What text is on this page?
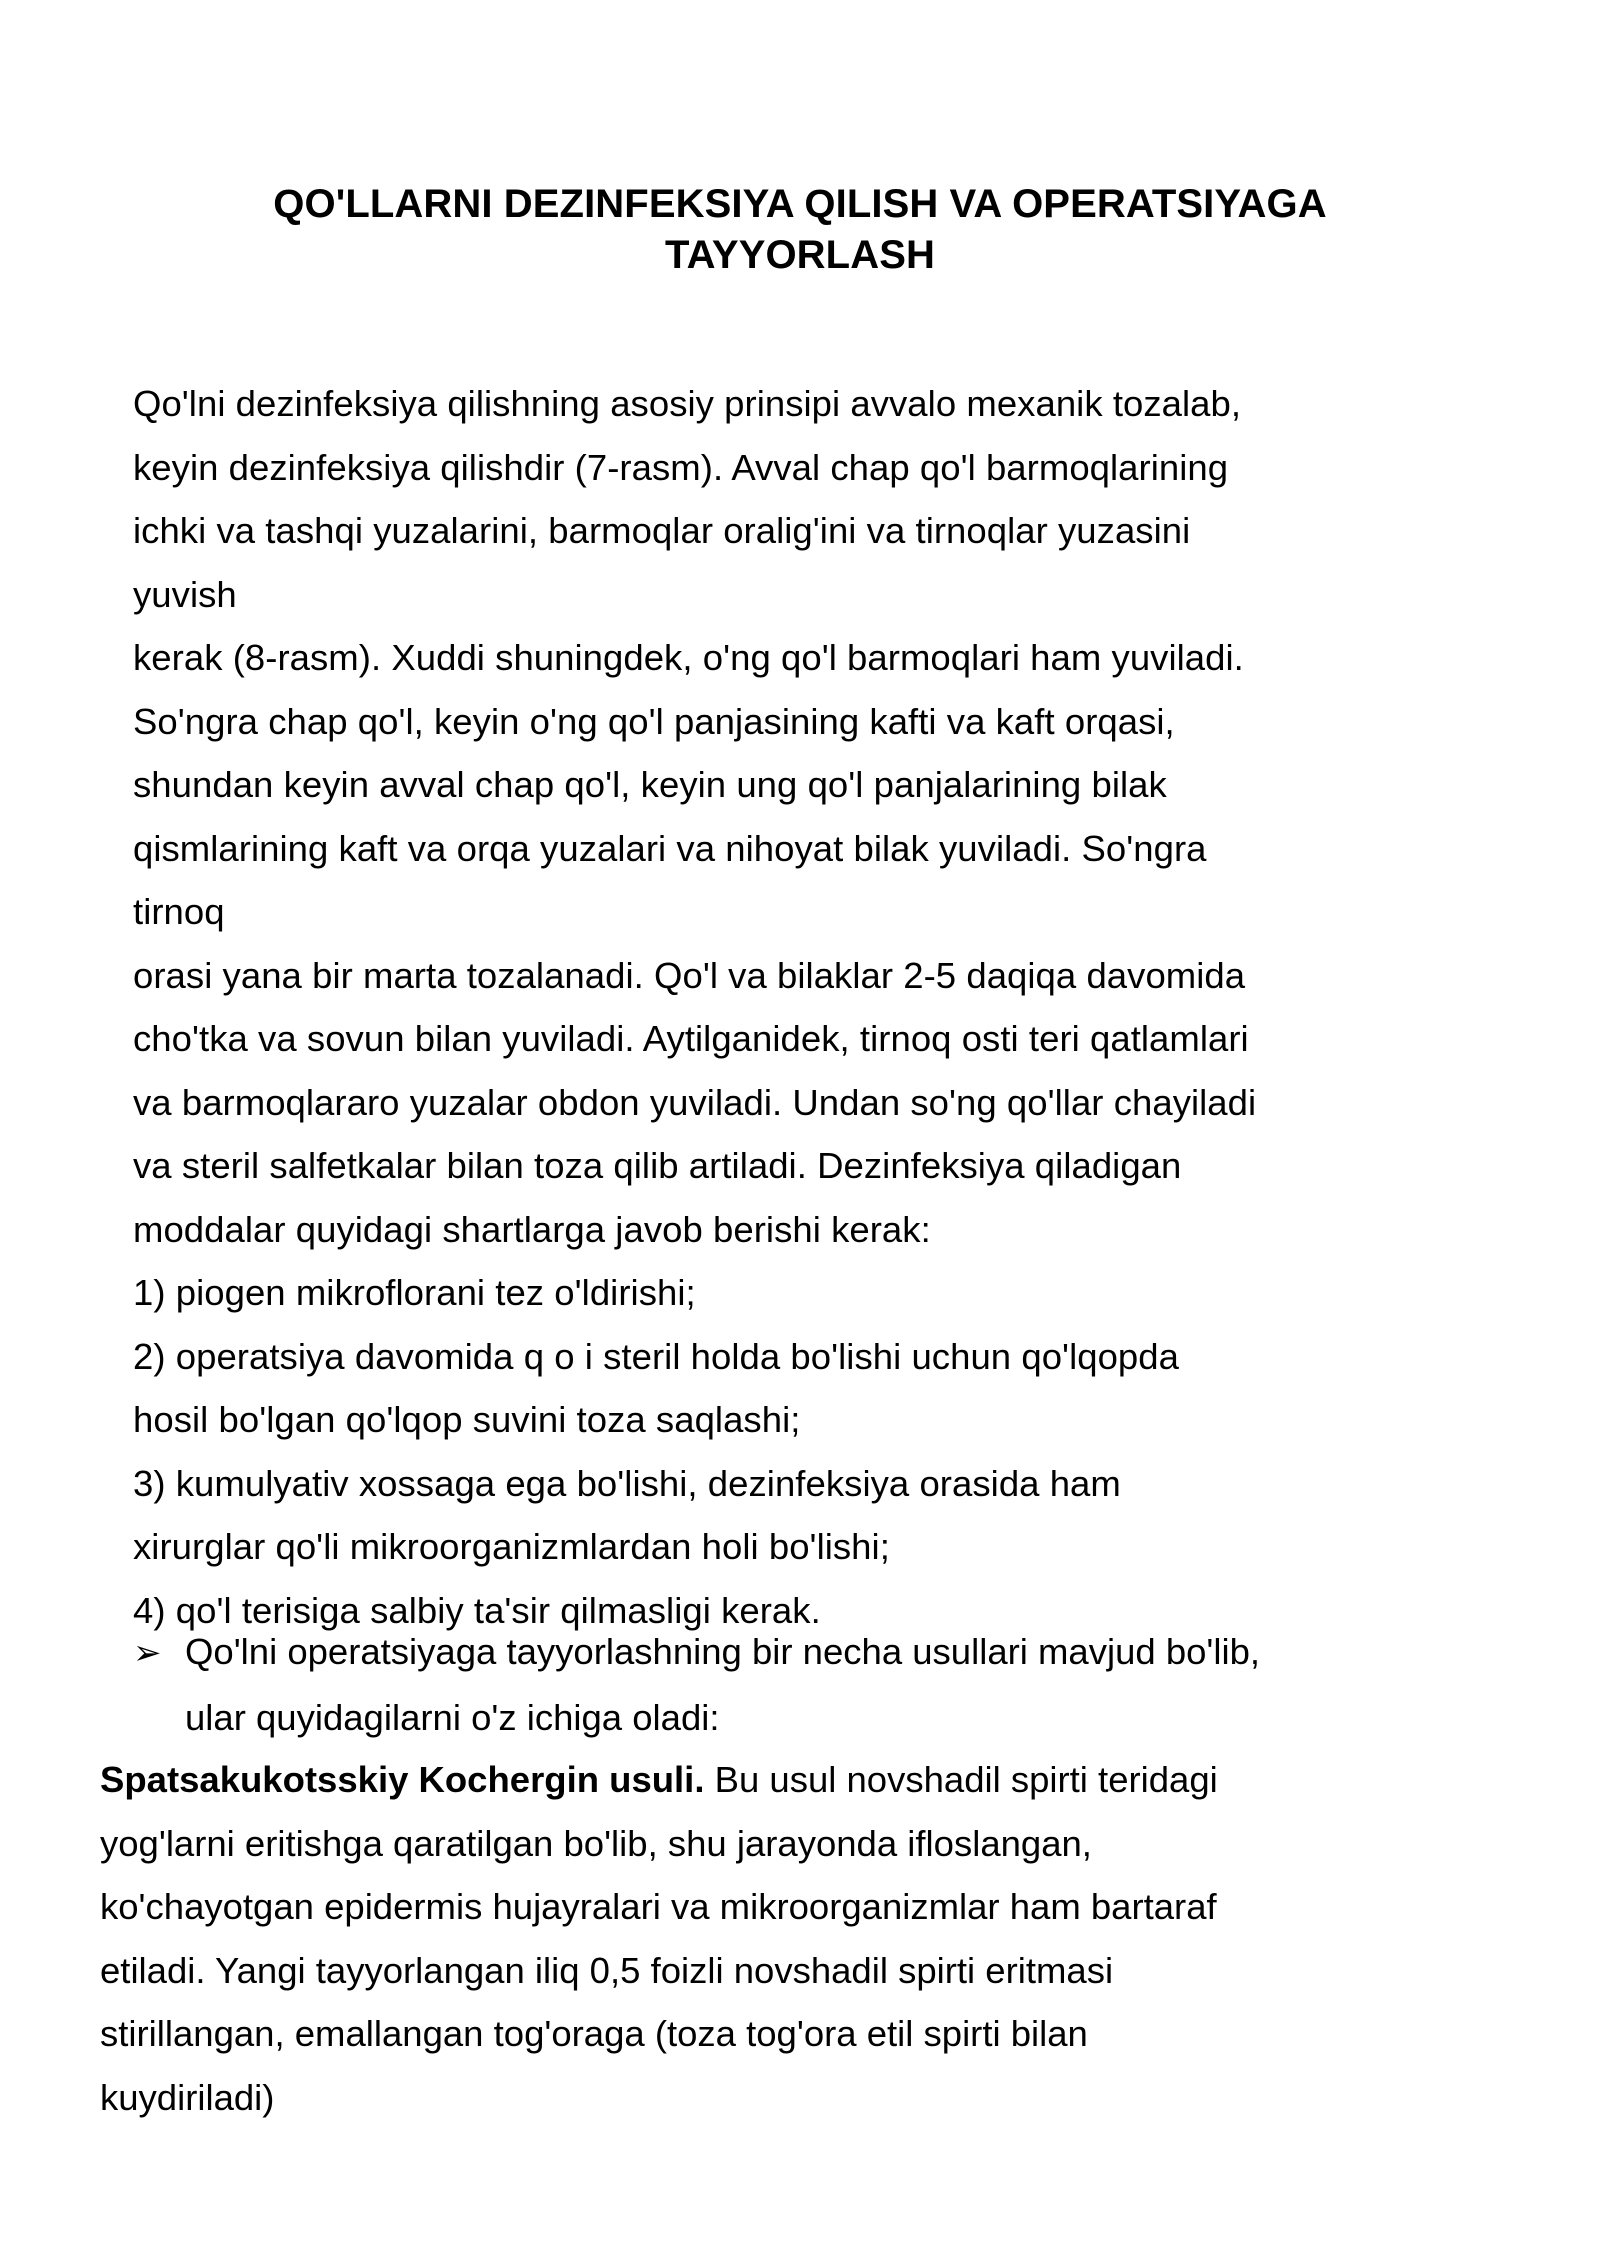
QO'LLARNI DEZINFEKSIYA QILISH VA OPERATSIYAGA
TAYYORLASH
Qo'lni dezinfeksiya qilishning asosiy prinsipi avvalo mexanik tozalab,
keyin dezinfeksiya qilishdir (7-rasm). Avval chap qo'l barmoqlarining
ichki va tashqi yuzalarini, barmoqlar oralig'ini va tirnoqlar yuzasini
yuvish
kerak (8-rasm). Xuddi shuningdek, o'ng qo'l barmoqlari ham yuviladi.
So'ngra chap qo'l, keyin o'ng qo'l panjasining kafti va kaft orqasi,
shundan keyin avval chap qo'l, keyin ung qo'l panjalarining bilak
qismlarining kaft va orqa yuzalari va nihoyat bilak yuviladi. So'ngra
tirnoq
orasi yana bir marta tozalanadi. Qo'l va bilaklar 2-5 daqiqa davomida
cho'tka va sovun bilan yuviladi. Aytilganidek, tirnoq osti teri qatlamlari
va barmoqlararo yuzalar obdon yuviladi. Undan so'ng qo'llar chayiladi
va steril salfetkalar bilan toza qilib artiladi. Dezinfeksiya qiladigan
moddalar quyidagi shartlarga javob berishi kerak:
1) piogen mikroflorani tez o'ldirishi;
2) operatsiya davomida q o i steril holda bo'lishi uchun qo'lqopda
hosil bo'lgan qo'lqop suvini toza saqlashi;
3) kumulyativ xossaga ega bo'lishi, dezinfeksiya orasida ham
xirurglar qo'li mikroorganizmlardan holi bo'lishi;
4) qo'l terisiga salbiy ta'sir qilmasligi kerak.
➢ Qo'lni operatsiyaga tayyorlashning bir necha usullari mavjud bo'lib,
ular quyidagilarni o'z ichiga oladi:
Spatsakukotsskiy Kochergin usuli. Bu usul novshadil spirti teridagi
yog'larni eritishga qaratilgan bo'lib, shu jarayonda ifloslangan,
ko'chayotgan epidermis hujayralari va mikroorganizmlar ham bartaraf
etiladi. Yangi tayyorlangan iliq 0,5 foizli novshadil spirti eritmasi
stirillangan, emallangan tog'oraga (toza tog'ora etil spirti bilan
kuydiriladi)
